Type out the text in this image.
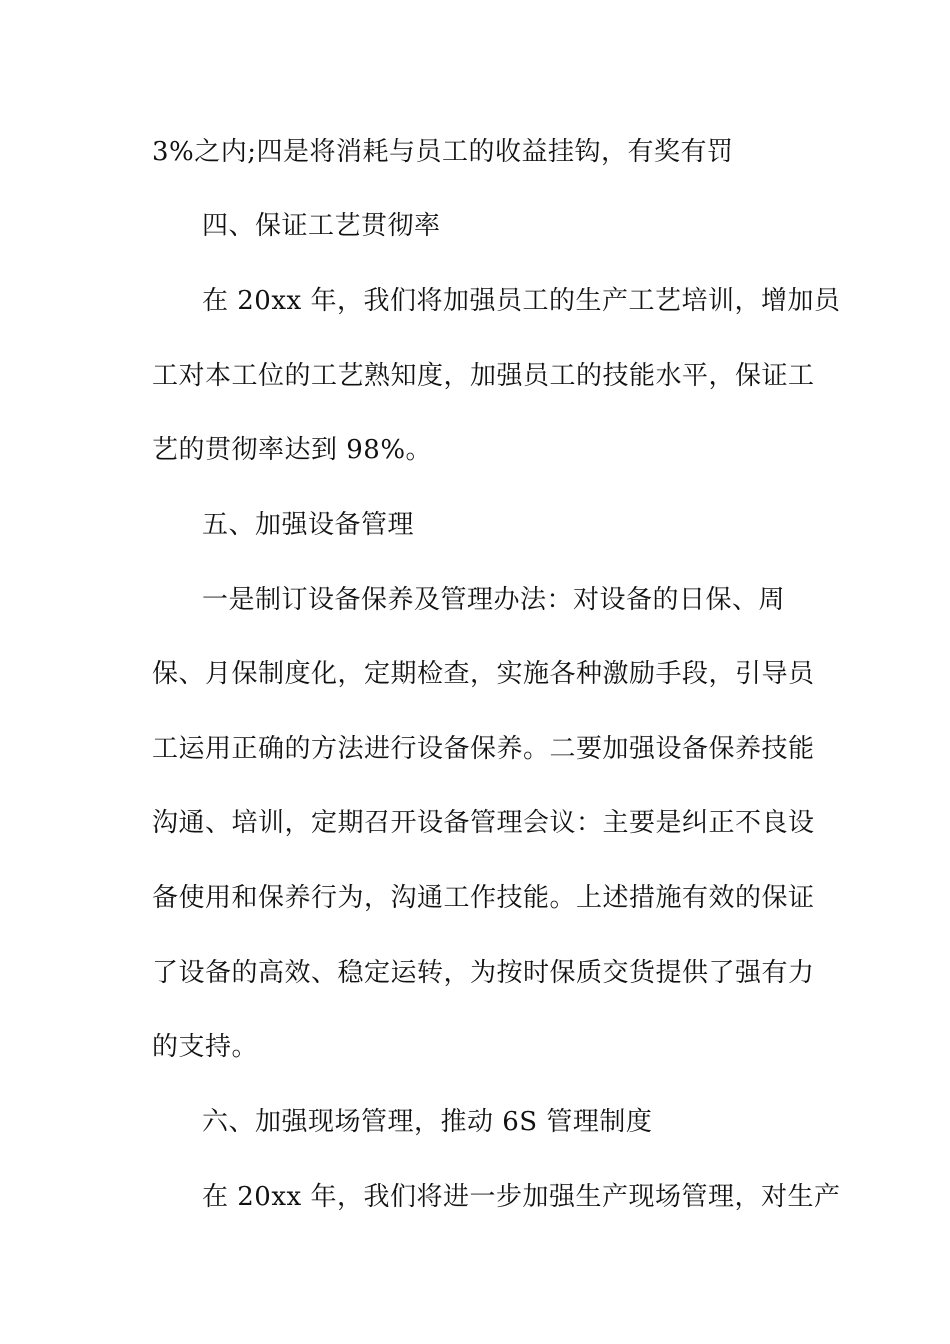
3%之内;四是将消耗与员工的收益挂钩，有奖有罚
四、保证工艺贯彻率
在 20xx 年，我们将加强员工的生产工艺培训，增加员
工对本工位的工艺熟知度，加强员工的技能水平，保证工
艺的贯彻率达到 98%。
五、加强设备管理
一是制订设备保养及管理办法：对设备的日保、周
保、月保制度化，定期检查，实施各种激励手段，引导员
工运用正确的方法进行设备保养。二要加强设备保养技能
沟通、培训，定期召开设备管理会议：主要是纠正不良设
备使用和保养行为，沟通工作技能。上述措施有效的保证
了设备的高效、稳定运转，为按时保质交货提供了强有力
的支持。
六、加强现场管理，推动 6S 管理制度
在 20xx 年，我们将进一步加强生产现场管理，对生产
